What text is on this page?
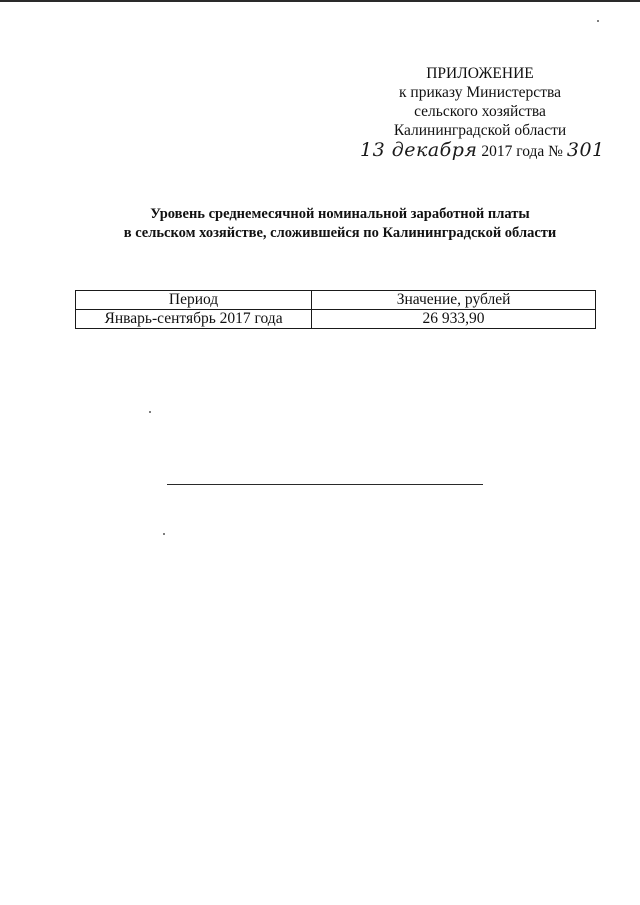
ПРИЛОЖЕНИЕ
к приказу Министерства
сельского хозяйства
Калининградской области
13 декабря 2017 года № 301
Уровень среднемесячной номинальной заработной платы
в сельском хозяйстве, сложившейся по Калининградской области
Период	Значение, рублей
Январь-сентябрь 2017 года	26 933,90
